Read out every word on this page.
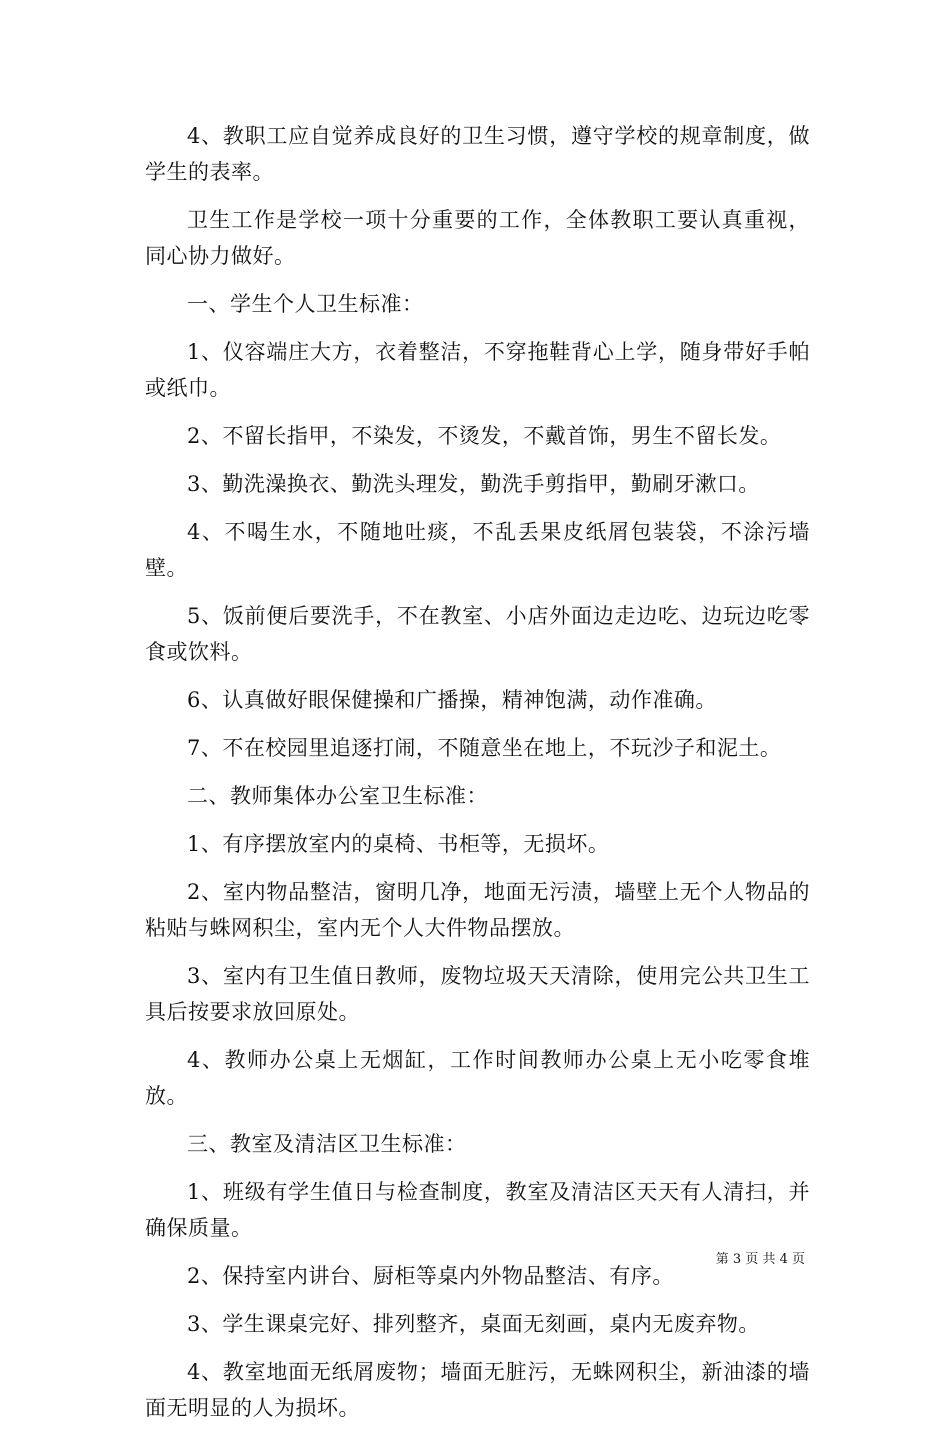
4、教职工应自觉养成良好的卫生习惯，遵守学校的规章制度，做学生的表率。

卫生工作是学校一项十分重要的工作，全体教职工要认真重视，同心协力做好。

一、学生个人卫生标准：

1、仪容端庄大方，衣着整洁，不穿拖鞋背心上学，随身带好手帕或纸巾。

2、不留长指甲，不染发，不烫发，不戴首饰，男生不留长发。

3、勤洗澡换衣、勤洗头理发，勤洗手剪指甲，勤刷牙漱口。

4、不喝生水，不随地吐痰，不乱丢果皮纸屑包装袋，不涂污墙壁。

5、饭前便后要洗手，不在教室、小店外面边走边吃、边玩边吃零食或饮料。

6、认真做好眼保健操和广播操，精神饱满，动作准确。

7、不在校园里追逐打闹，不随意坐在地上，不玩沙子和泥土。

二、教师集体办公室卫生标准：

1、有序摆放室内的桌椅、书柜等，无损坏。

2、室内物品整洁，窗明几净，地面无污渍，墙壁上无个人物品的粘贴与蛛网积尘，室内无个人大件物品摆放。

3、室内有卫生值日教师，废物垃圾天天清除，使用完公共卫生工具后按要求放回原处。

4、教师办公桌上无烟缸，工作时间教师办公桌上无小吃零食堆放。

三、教室及清洁区卫生标准：

1、班级有学生值日与检查制度，教室及清洁区天天有人清扫，并确保质量。

2、保持室内讲台、厨柜等桌内外物品整洁、有序。

3、学生课桌完好、排列整齐，桌面无刻画，桌内无废弃物。

4、教室地面无纸屑废物；墙面无脏污，无蛛网积尘，新油漆的墙面无明显的人为损坏。

第 3 页 共 4 页
